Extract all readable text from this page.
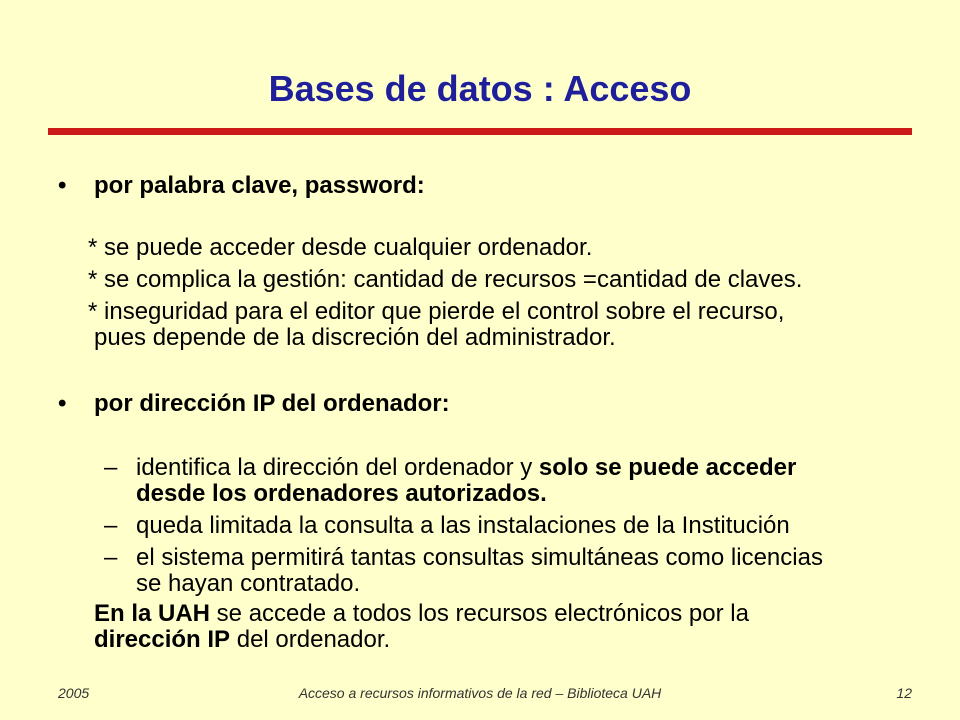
Bases de datos : Acceso
• por palabra clave, password:
* se puede acceder desde cualquier ordenador.
* se complica la gestión: cantidad de recursos =cantidad de claves.
* inseguridad para el editor que pierde el control sobre el recurso,
pues depende de la discreción del administrador.
• por dirección IP del ordenador:
– identifica la dirección del ordenador y solo se puede acceder
desde los ordenadores autorizados.
– queda limitada la consulta a las instalaciones de la Institución
– el sistema permitirá tantas consultas simultáneas como licencias
se hayan contratado.
En la UAH se accede a todos los recursos electrónicos por la
dirección IP del ordenador.
2005	Acceso a recursos informativos de la red – Biblioteca UAH	12
